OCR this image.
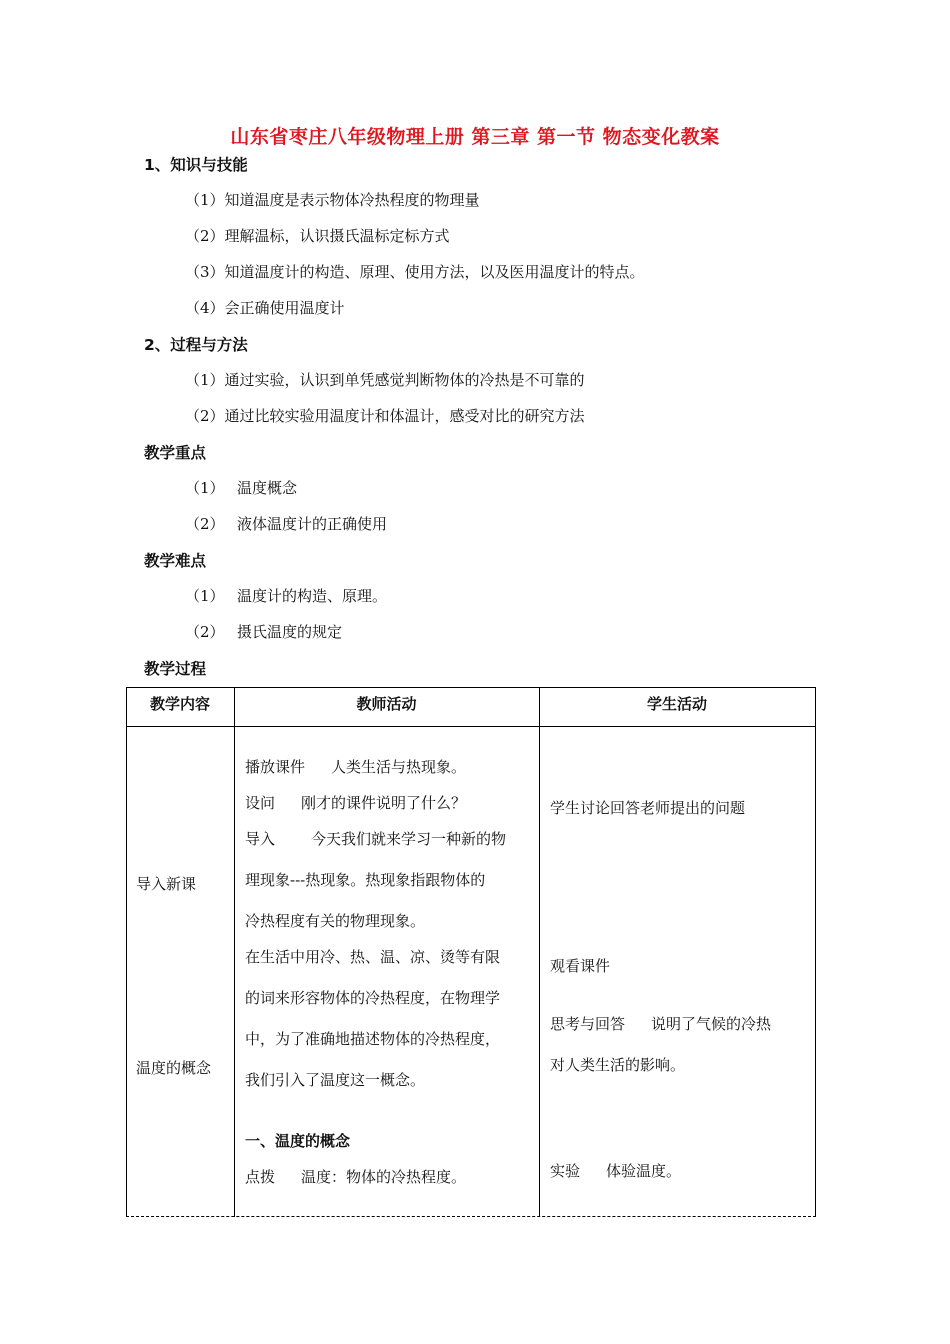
山东省枣庄八年级物理上册 第三章 第一节 物态变化教案
1、知识与技能
（1）知道温度是表示物体冷热程度的物理量
（2）理解温标，认识摄氏温标定标方式
（3）知道温度计的构造、原理、使用方法，以及医用温度计的特点。
（4）会正确使用温度计
2、过程与方法
（1）通过实验，认识到单凭感觉判断物体的冷热是不可靠的
（2）通过比较实验用温度计和体温计，感受对比的研究方法
教学重点
（1） 温度概念
（2） 液体温度计的正确使用
教学难点
（1） 温度计的构造、原理。
（2） 摄氏温度的规定
教学过程
教学内容	教师活动	学生活动
导入新课
温度的概念
播放课件 人类生活与热现象。
设问 刚才的课件说明了什么？
导入 今天我们就来学习一种新的物
理现象---热现象。热现象指跟物体的
冷热程度有关的物理现象。
在生活中用冷、热、温、凉、烫等有限
的词来形容物体的冷热程度，在物理学
中，为了准确地描述物体的冷热程度，
我们引入了温度这一概念。
一、温度的概念
点拨 温度：物体的冷热程度。
学生讨论回答老师提出的问题
观看课件
思考与回答 说明了气候的冷热
对人类生活的影响。
实验 体验温度。
